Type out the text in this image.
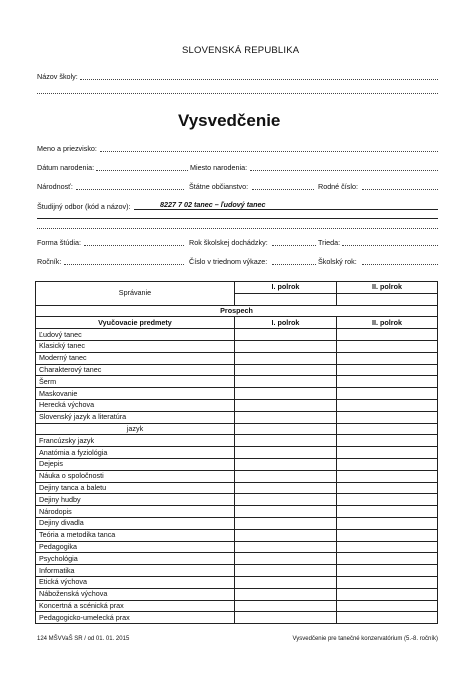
SLOVENSKÁ REPUBLIKA
Názov školy:
Vysvedčenie
Meno a priezvisko:
Dátum narodenia:	Miesto narodenia:
Národnosť:	Štátne občianstvo:	Rodné číslo:
Študijný odbor (kód a názov):	8227 7 02 tanec – ľudový tanec
Forma štúdia:	Rok školskej dochádzky:	Trieda:
Ročník:	Číslo v triednom výkaze:	Školský rok:
Správanie	I. polrok	II. polrok

Prospech		
Vyučovacie predmety	I. polrok	II. polrok
Ľudový tanec		
Klasický tanec		
Moderný tanec		
Charakterový tanec		
Šerm		
Maskovanie		
Herecká výchova		
Slovenský jazyk a literatúra		
jazyk		
Francúzsky jazyk		
Anatómia a fyziológia		
Dejepis		
Náuka o spoločnosti		
Dejiny tanca a baletu		
Dejiny hudby		
Národopis		
Dejiny divadla		
Teória a metodika tanca		
Pedagogika		
Psychológia		
Informatika		
Etická výchova		
Náboženská výchova		
Koncertná a scénická prax		
Pedagogicko-umelecká prax		
124 MŠVVaŠ SR / od 01. 01. 2015	Vysvedčenie pre tanečné konzervatórium (5.-8. ročník)
